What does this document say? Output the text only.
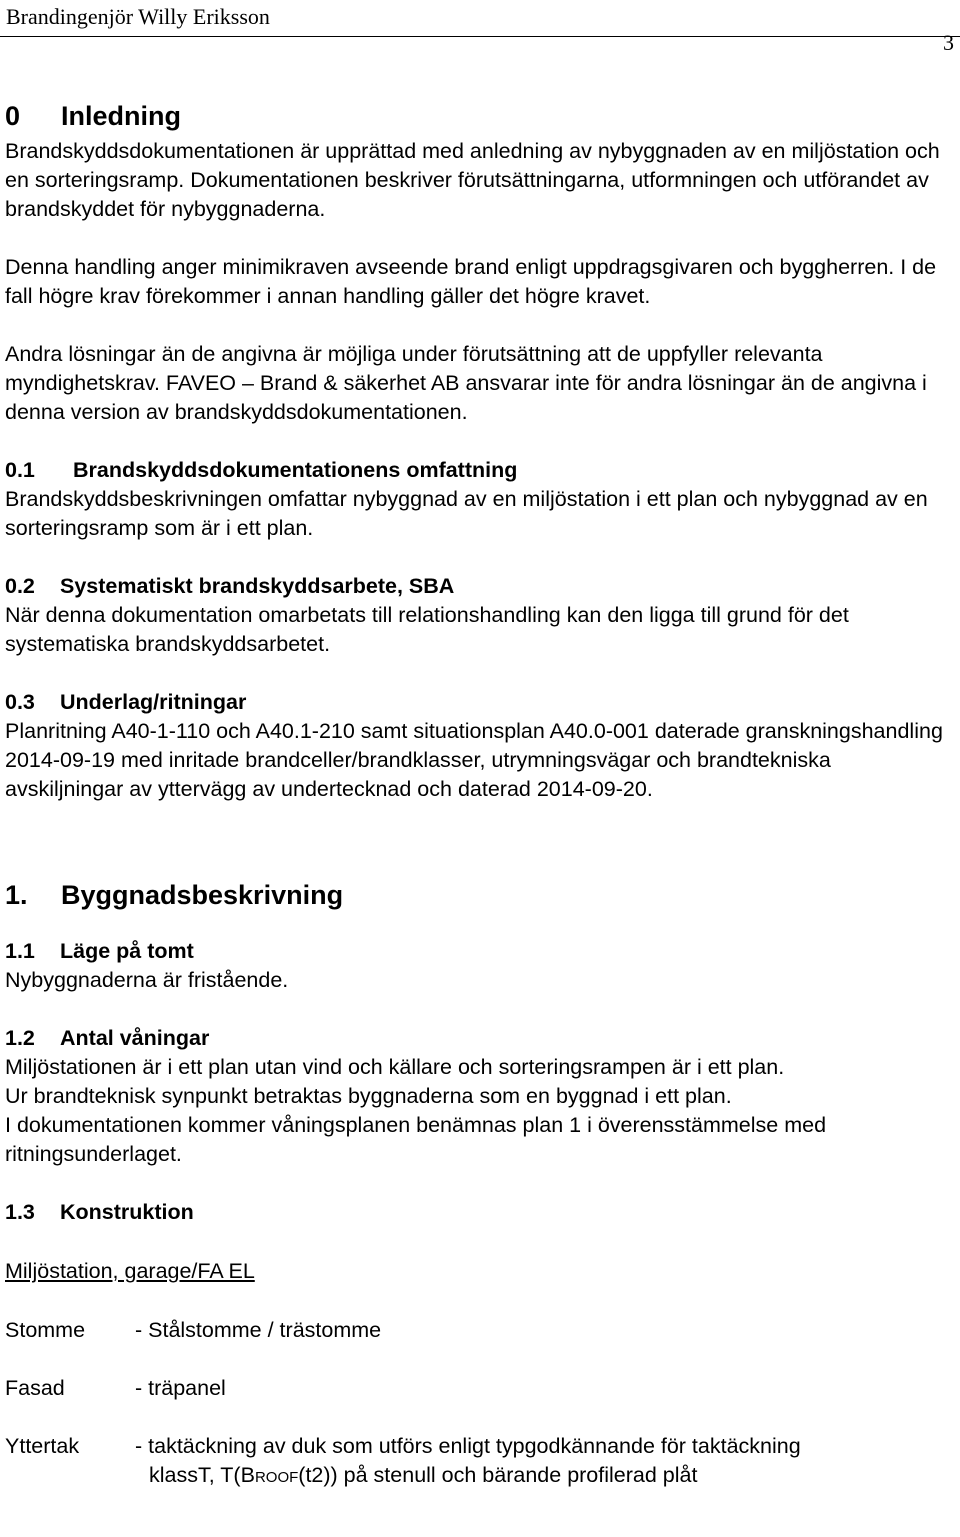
Brandingenjör Willy Eriksson
3

0 Inledning

Brandskyddsdokumentationen är upprättad med anledning av nybyggnaden av en miljöstation och en sorteringsramp. Dokumentationen beskriver förutsättningarna, utformningen och utförandet av brandskyddet för nybyggnaderna.

Denna handling anger minimikraven avseende brand enligt uppdragsgivaren och byggherren. I de fall högre krav förekommer i annan handling gäller det högre kravet.

Andra lösningar än de angivna är möjliga under förutsättning att de uppfyller relevanta myndighetskrav. FAVEO – Brand & säkerhet AB ansvarar inte för andra lösningar än de angivna i denna version av brandskyddsdokumentationen.

0.1 Brandskyddsdokumentationens omfattning

Brandskyddsbeskrivningen omfattar nybyggnad av en miljöstation i ett plan och nybyggnad av en sorteringsramp som är i ett plan.

0.2 Systematiskt brandskyddsarbete, SBA

När denna dokumentation omarbetats till relationshandling kan den ligga till grund för det systematiska brandskyddsarbetet.

0.3 Underlag/ritningar

Planritning A40-1-110 och A40.1-210 samt situationsplan A40.0-001 daterade granskningshandling 2014-09-19 med inritade brandceller/brandklasser, utrymningsvägar och brandtekniska avskiljningar av yttervägg av undertecknad och daterad 2014-09-20.

1. Byggnadsbeskrivning

1.1 Läge på tomt

Nybyggnaderna är fristående.

1.2 Antal våningar

Miljöstationen är i ett plan utan vind och källare och sorteringsrampen är i ett plan.

Ur brandteknisk synpunkt betraktas byggnaderna som en byggnad i ett plan.

I dokumentationen kommer våningsplanen benämnas plan 1 i överensstämmelse med ritningsunderlaget.

1.3 Konstruktion

Miljöstation, garage/FA EL

Stomme	- Stålstomme / trästomme
Fasad	- träpanel
Yttertak	- taktäckning av duk som utförs enligt typgodkännande för taktäckning
klassT, T(BROOF(t2)) på stenull och bärande profilerad plåt
